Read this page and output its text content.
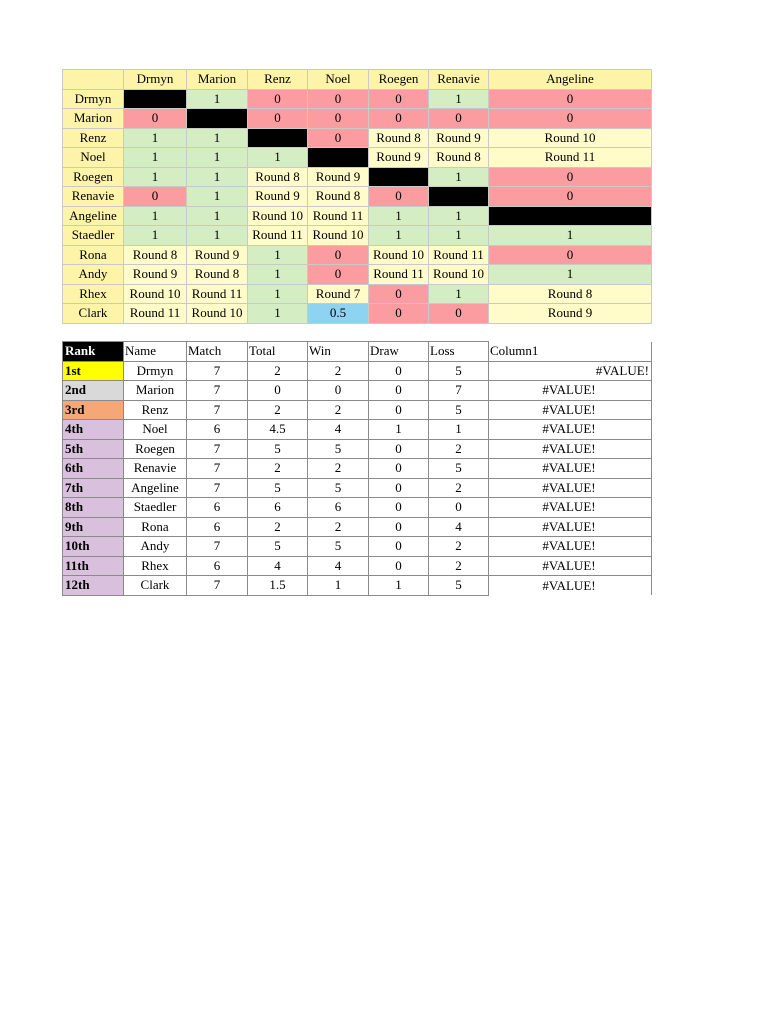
	Drmyn	Marion	Renz	Noel	Roegen	Renavie	Angeline
Drmyn		1	0	0	0	1	0
Marion	0		0	0	0	0	0
Renz	1	1		0	Round 8	Round 9	Round 10
Noel	1	1	1		Round 9	Round 8	Round 11
Roegen	1	1	Round 8	Round 9		1	0
Renavie	0	1	Round 9	Round 8	0		0
Angeline	1	1	Round 10	Round 11	1	1	
Staedler	1	1	Round 11	Round 10	1	1	1
Rona	Round 8	Round 9	1	0	Round 10	Round 11	0
Andy	Round 9	Round 8	1	0	Round 11	Round 10	1
Rhex	Round 10	Round 11	1	Round 7	0	1	Round 8
Clark	Round 11	Round 10	1	0.5	0	0	Round 9
Rank	Name	Match	Total	Win	Draw	Loss	Column1
1st	Drmyn	7	2	2	0	5	#VALUE!
2nd	Marion	7	0	0	0	7	#VALUE!
3rd	Renz	7	2	2	0	5	#VALUE!
4th	Noel	6	4.5	4	1	1	#VALUE!
5th	Roegen	7	5	5	0	2	#VALUE!
6th	Renavie	7	2	2	0	5	#VALUE!
7th	Angeline	7	5	5	0	2	#VALUE!
8th	Staedler	6	6	6	0	0	#VALUE!
9th	Rona	6	2	2	0	4	#VALUE!
10th	Andy	7	5	5	0	2	#VALUE!
11th	Rhex	6	4	4	0	2	#VALUE!
12th	Clark	7	1.5	1	1	5	#VALUE!
